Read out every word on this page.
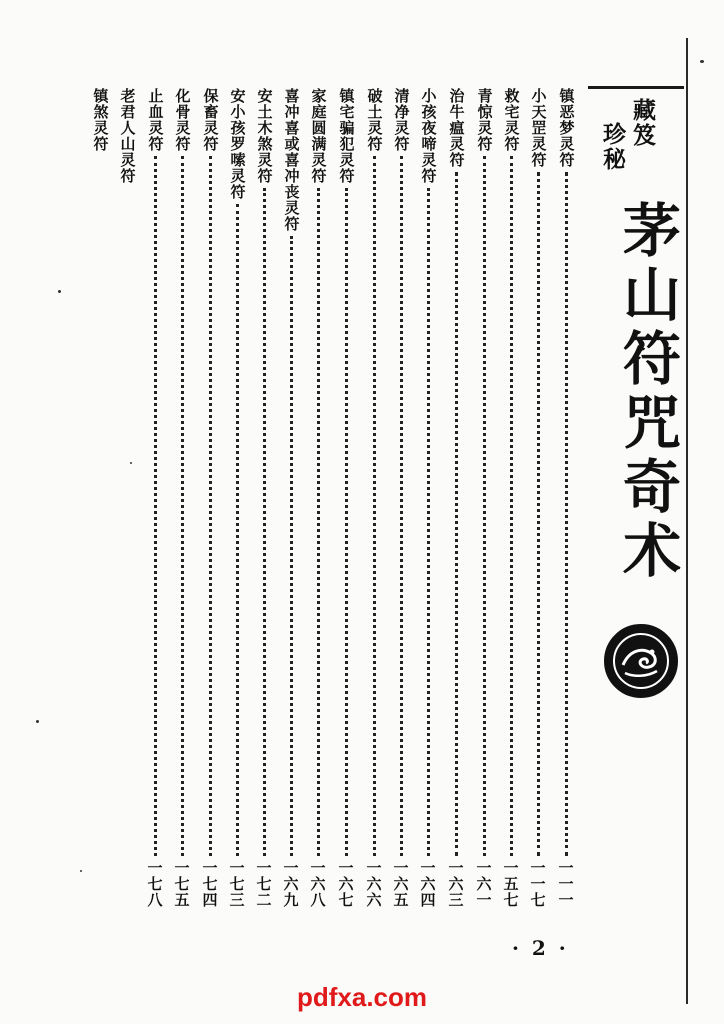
藏笈
珍秘
茅山符咒奇术
镇恶梦灵符
一一一
小天罡灵符
一一七
救宅灵符
一五七
青惊灵符
一六一
治牛瘟灵符
一六三
小孩夜啼灵符
一六四
清净灵符
一六五
破土灵符
一六六
镇宅骗犯灵符
一六七
家庭圆满灵符
一六八
喜冲喜或喜冲丧灵符
一六九
安土木煞灵符
一七二
安小孩罗嗦灵符
一七三
保畜灵符
一七四
化骨灵符
一七五
止血灵符
一七八
老君人山灵符
镇煞灵符
· 2 ·
pdfxa.com
